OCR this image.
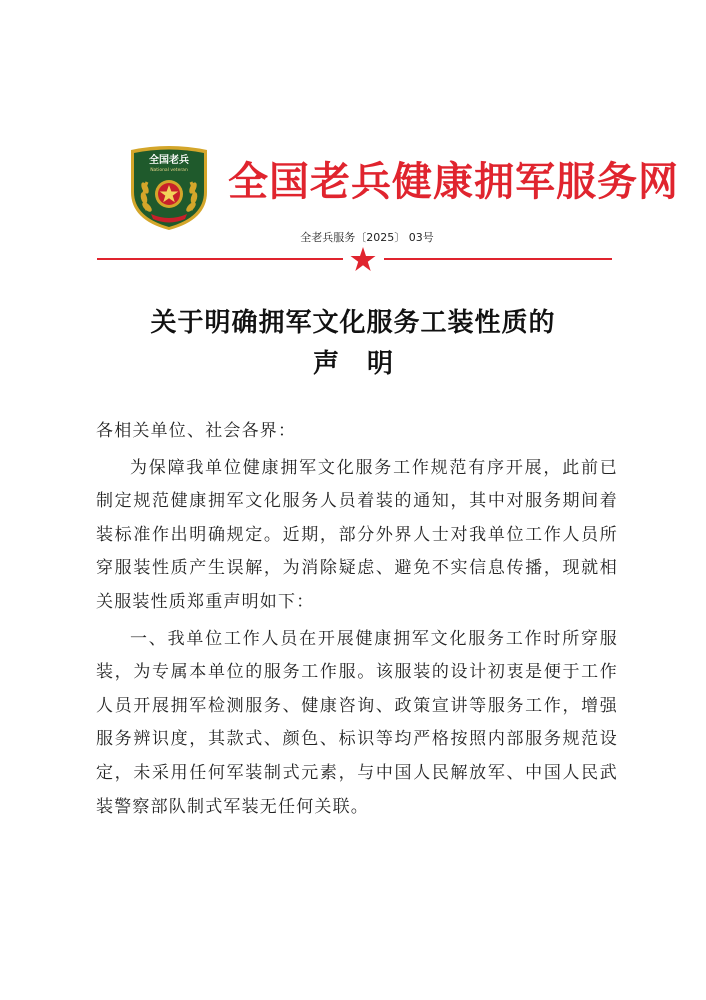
全国老兵
National veteran 全国老兵健康拥军服务网
全老兵服务〔2025〕 03号
关于明确拥军文化服务工装性质的
声明

各相关单位、社会各界：

为保障我单位健康拥军文化服务工作规范有序开展，此前已制定规范健康拥军文化服务人员着装的通知，其中对服务期间着装标准作出明确规定。近期，部分外界人士对我单位工作人员所穿服装性质产生误解，为消除疑虑、避免不实信息传播，现就相关服装性质郑重声明如下：

一、我单位工作人员在开展健康拥军文化服务工作时所穿服装，为专属本单位的服务工作服。该服装的设计初衷是便于工作人员开展拥军检测服务、健康咨询、政策宣讲等服务工作，增强服务辨识度，其款式、颜色、标识等均严格按照内部服务规范设定，未采用任何军装制式元素，与中国人民解放军、中国人民武装警察部队制式军装无任何关联。
